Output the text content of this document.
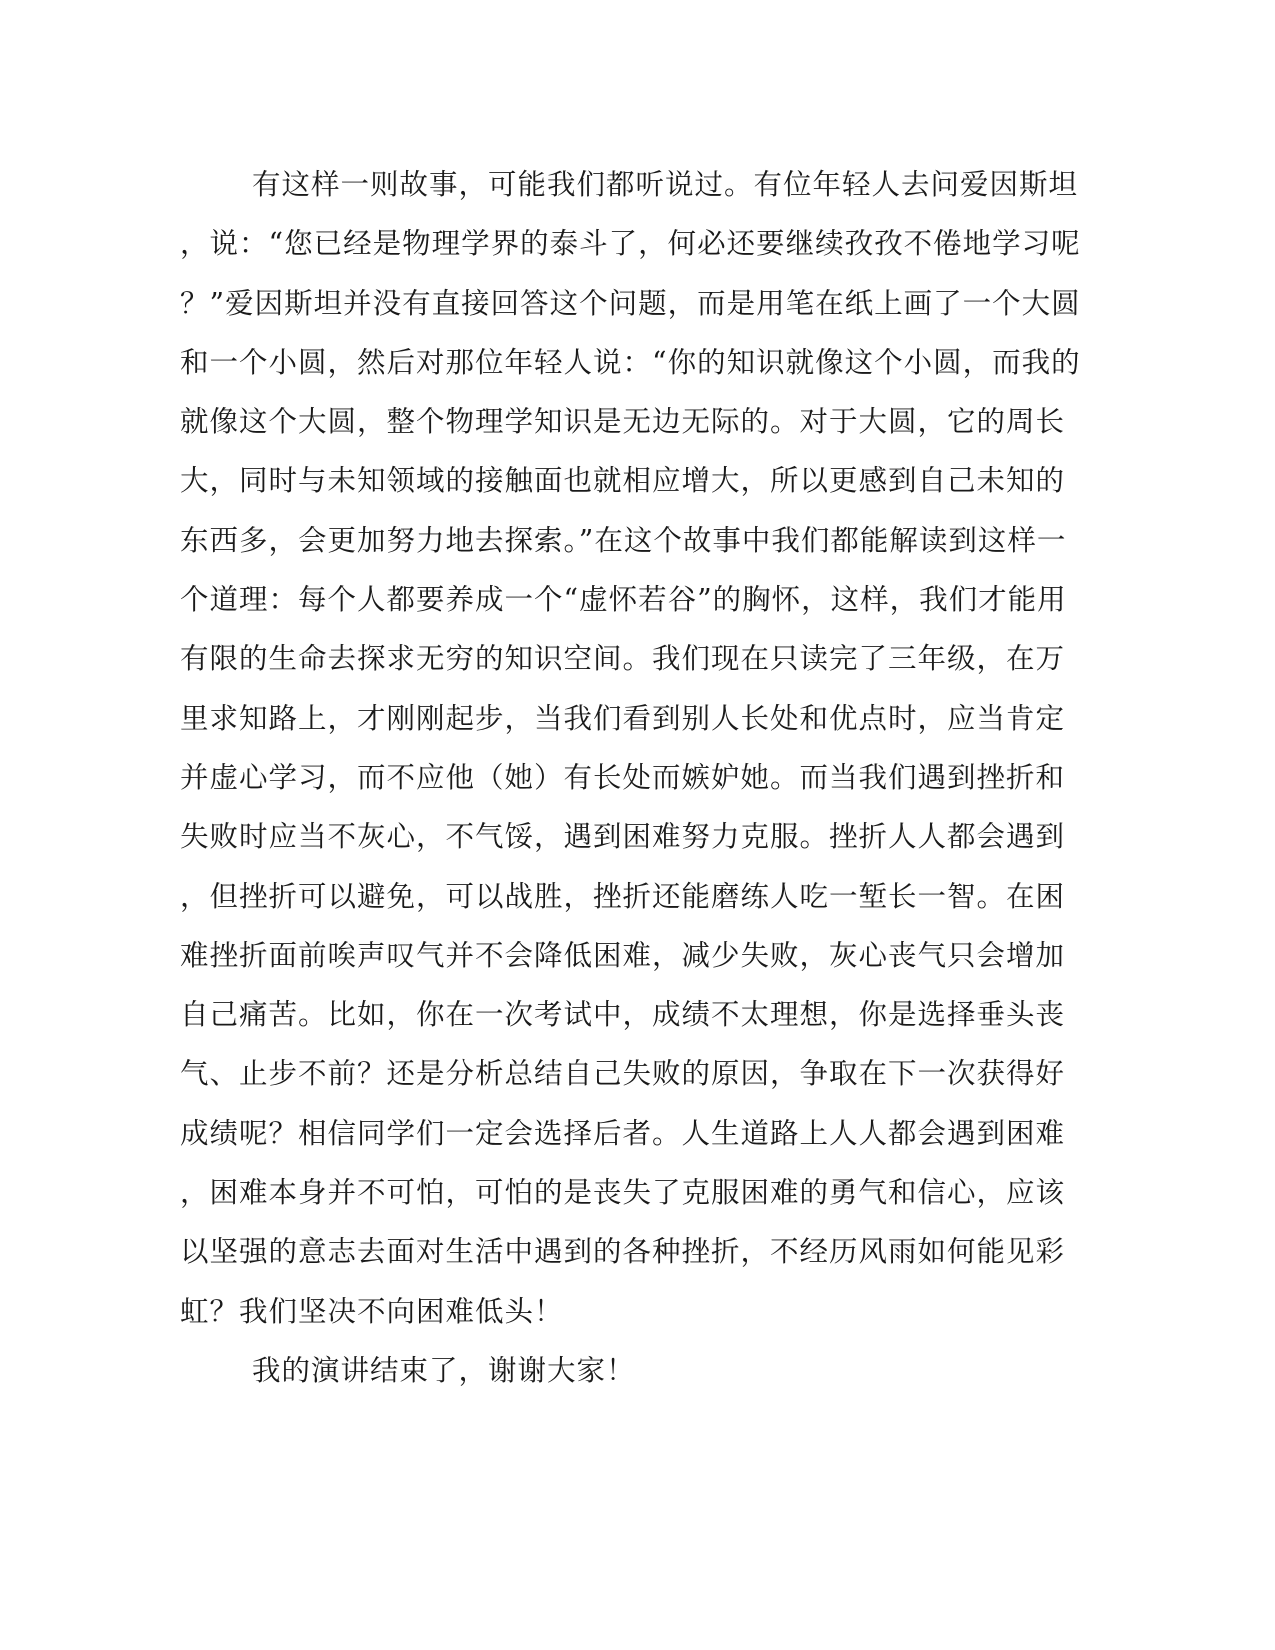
有这样一则故事，可能我们都听说过。有位年轻人去问爱因斯坦
，说：“您已经是物理学界的泰斗了，何必还要继续孜孜不倦地学习呢
？”爱因斯坦并没有直接回答这个问题，而是用笔在纸上画了一个大圆
和一个小圆，然后对那位年轻人说：“你的知识就像这个小圆，而我的
就像这个大圆，整个物理学知识是无边无际的。对于大圆，它的周长
大，同时与未知领域的接触面也就相应增大，所以更感到自己未知的
东西多，会更加努力地去探索。”在这个故事中我们都能解读到这样一
个道理：每个人都要养成一个“虚怀若谷”的胸怀，这样，我们才能用
有限的生命去探求无穷的知识空间。我们现在只读完了三年级，在万
里求知路上，才刚刚起步，当我们看到别人长处和优点时，应当肯定
并虚心学习，而不应他（她）有长处而嫉妒她。而当我们遇到挫折和
失败时应当不灰心，不气馁，遇到困难努力克服。挫折人人都会遇到
，但挫折可以避免，可以战胜，挫折还能磨练人吃一堑长一智。在困
难挫折面前唉声叹气并不会降低困难，减少失败，灰心丧气只会增加
自己痛苦。比如，你在一次考试中，成绩不太理想，你是选择垂头丧
气、止步不前？还是分析总结自己失败的原因，争取在下一次获得好
成绩呢？相信同学们一定会选择后者。人生道路上人人都会遇到困难
，困难本身并不可怕，可怕的是丧失了克服困难的勇气和信心，应该
以坚强的意志去面对生活中遇到的各种挫折，不经历风雨如何能见彩
虹？我们坚决不向困难低头！
我的演讲结束了，谢谢大家！
